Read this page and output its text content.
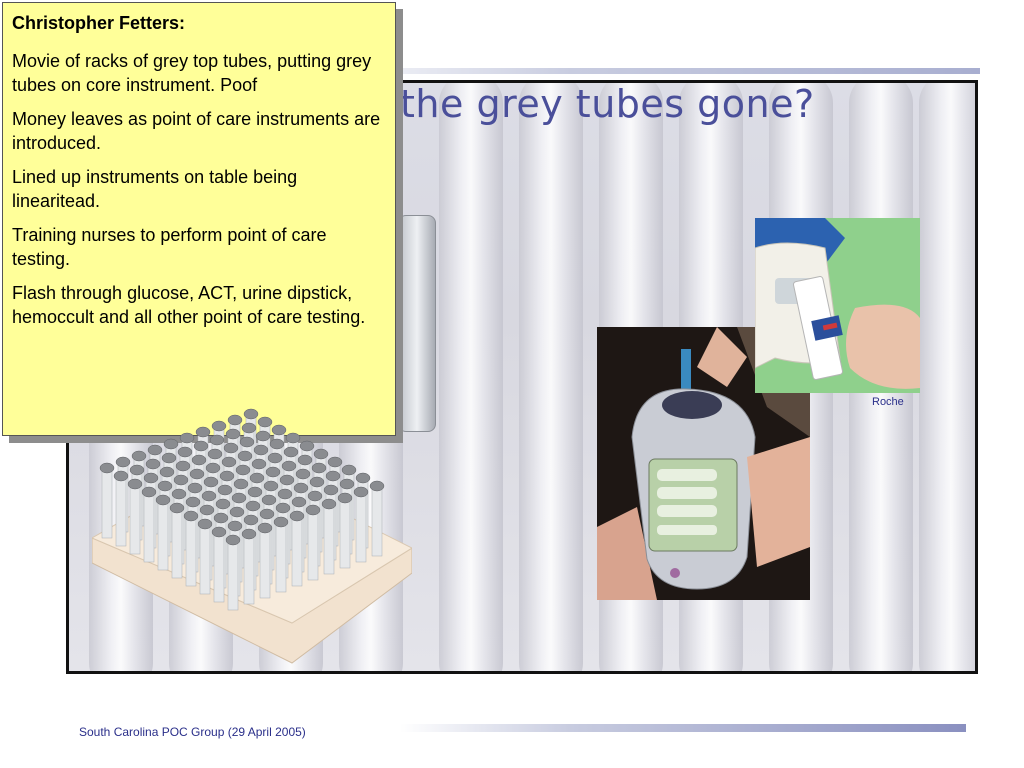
the grey tubes gone?
Roche

Christopher Fetters:

Movie of racks of grey top tubes, putting grey tubes on core instrument. Poof

Money leaves as point of care instruments are introduced.

Lined up instruments on table being linearitead.

Training nurses to perform point of care testing.

Flash through glucose, ACT, urine dipstick, hemoccult and all other point of care testing.

South Carolina POC Group (29 April 2005)
